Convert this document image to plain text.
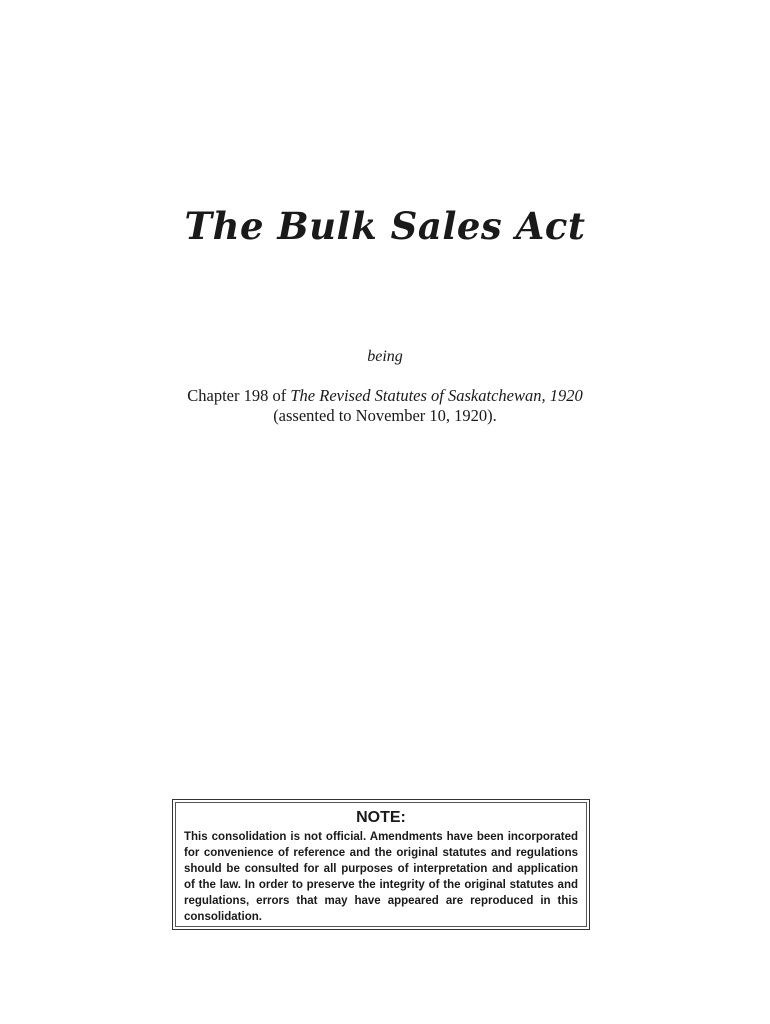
The Bulk Sales Act
being
Chapter 198 of The Revised Statutes of Saskatchewan, 1920
(assented to November 10, 1920).
NOTE:

This consolidation is not official. Amendments have been incorporated for convenience of reference and the original statutes and regulations should be consulted for all purposes of interpretation and application of the law. In order to preserve the integrity of the original statutes and regulations, errors that may have appeared are reproduced in this consolidation.
